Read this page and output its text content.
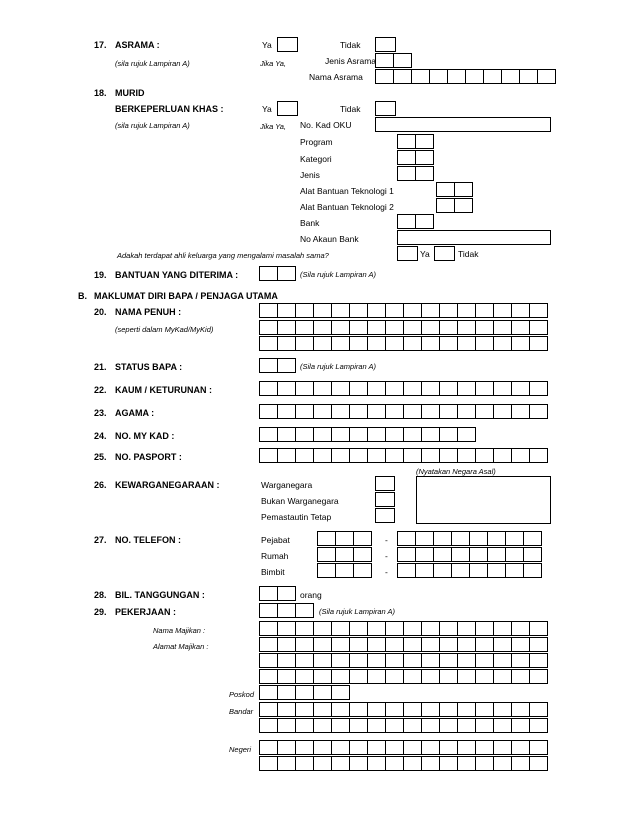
17. ASRAMA :	Ya	Tidak
(sila rujuk Lampiran A)	Jika Ya,	Jenis Asrama
Nama Asrama
18. MURID
BERKEPERLUAN KHAS :	Ya	Tidak
(sila rujuk Lampiran A)	Jika Ya, No. Kad OKU
Program
Kategori
Jenis
Alat Bantuan Teknologi 1
Alat Bantuan Teknologi 2
Bank
No Akaun Bank
Adakah terdapat ahli keluarga yang mengalami masalah sama?	Ya	Tidak
19. BANTUAN YANG DITERIMA :	(Sila rujuk Lampiran A)
B. MAKLUMAT DIRI BAPA / PENJAGA UTAMA
20. NAMA PENUH :
(seperti dalam MyKad/MyKid)
21. STATUS BAPA :	(Sila rujuk Lampiran A)
22. KAUM / KETURUNAN :
23. AGAMA :
24. NO. MY KAD :
25. NO. PASPORT :
(Nyatakan Negara Asal)
26. KEWARGANEGARAAN :	Warganegara
Bukan Warganegara
Pemastautin Tetap
27. NO. TELEFON :	Pejabat	-
Rumah	-
Bimbit	-
28. BIL. TANGGUNGAN :	orang
29. PEKERJAAN :	(Sila rujuk Lampiran A)
Nama Majikan :
Alamat Majikan :
Poskod
Bandar
Negeri
